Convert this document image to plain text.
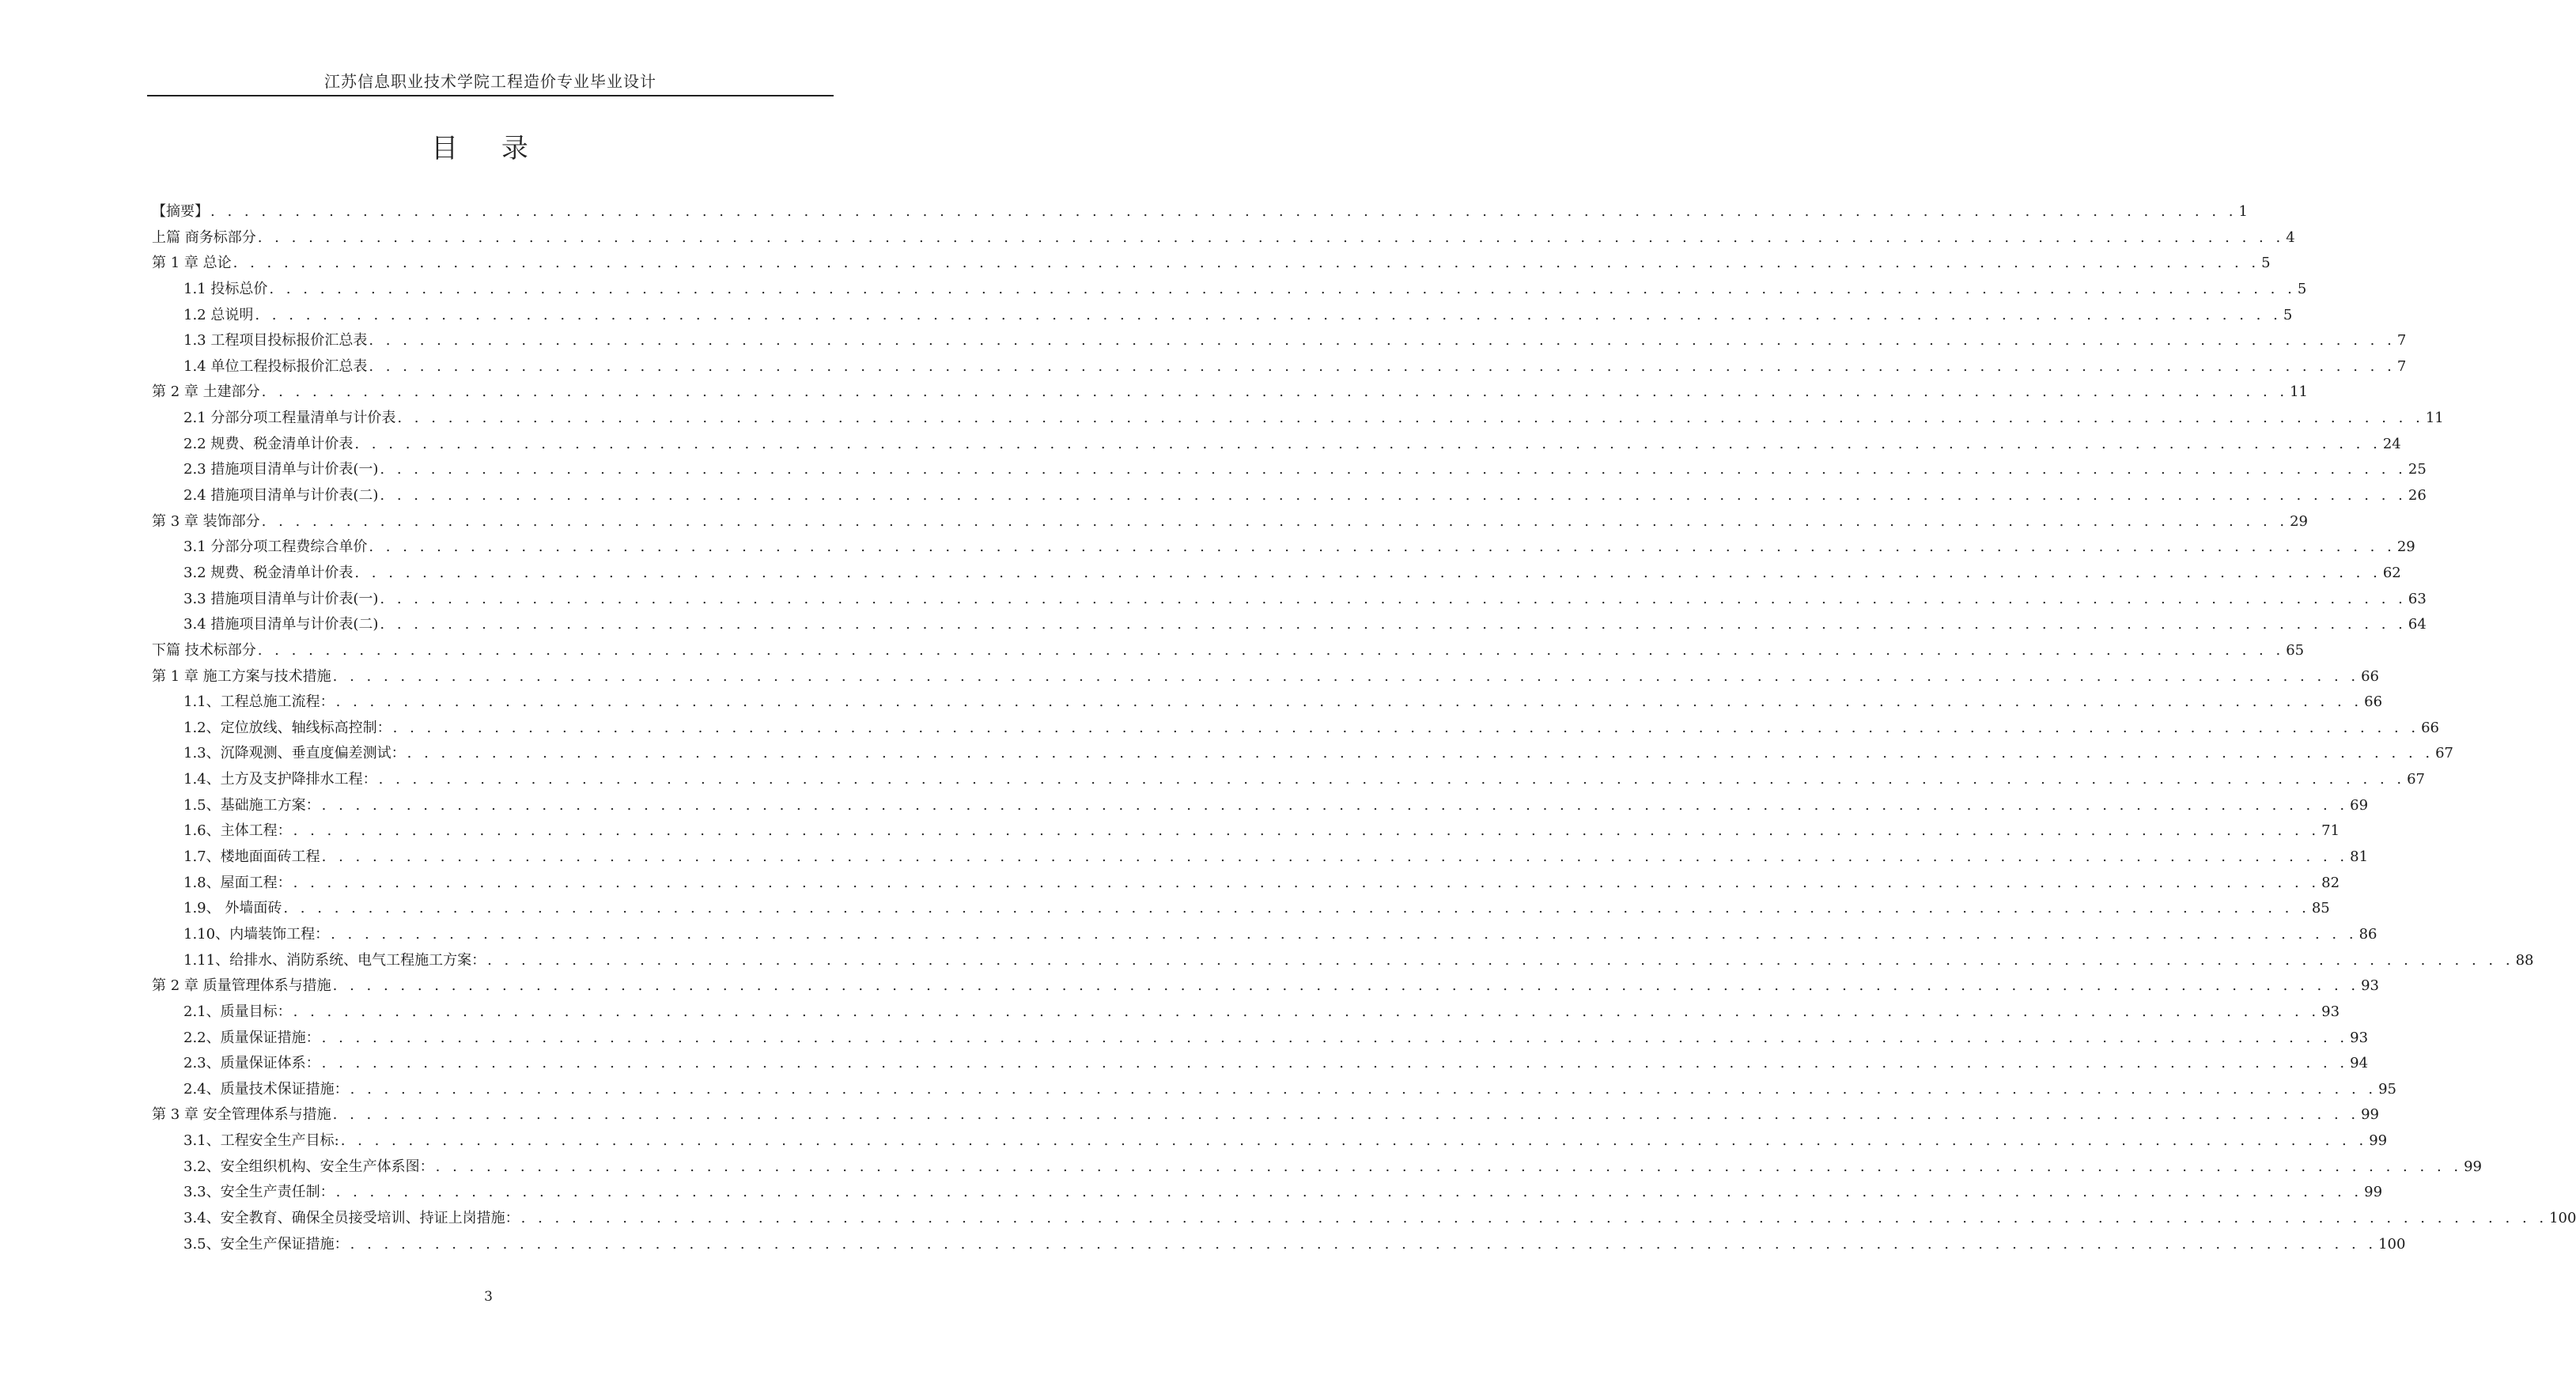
江苏信息职业技术学院工程造价专业毕业设计
目 录
【摘要】 . . . . . . . . . . . . . . . . . . . . . . . . . . . . . . . . . . . . . . . . . . . . . . . . . . . . . . . . . . . . . . . . . . . . . . . . . . . . . . . . . . . . . . . . . . . . . . . . . . . . . . . . . . . . . . . . . . . . . . . . 1
上篇 商务标部分 . . . . . . . . . . . . . . . . . . . . . . . . . . . . . . . . . . . . . . . . . . . . . . . . . . . . . . . . . . . . . . . . . . . . . . . . . . . . . . . . . . . . . . . . . . . . . . . . . . . . . . . . . . . . . . . . . . . . . . . . 4
第 1 章 总论 . . . . . . . . . . . . . . . . . . . . . . . . . . . . . . . . . . . . . . . . . . . . . . . . . . . . . . . . . . . . . . . . . . . . . . . . . . . . . . . . . . . . . . . . . . . . . . . . . . . . . . . . . . . . . . . . . . . . . . . . 5
1.1 投标总价 . . . . . . . . . . . . . . . . . . . . . . . . . . . . . . . . . . . . . . . . . . . . . . . . . . . . . . . . . . . . . . . . . . . . . . . . . . . . . . . . . . . . . . . . . . . . . . . . . . . . . . . . . . . . . . . . . . . . . . . . 5
1.2 总说明 . . . . . . . . . . . . . . . . . . . . . . . . . . . . . . . . . . . . . . . . . . . . . . . . . . . . . . . . . . . . . . . . . . . . . . . . . . . . . . . . . . . . . . . . . . . . . . . . . . . . . . . . . . . . . . . . . . . . . . . . 5
1.3 工程项目投标报价汇总表 . . . . . . . . . . . . . . . . . . . . . . . . . . . . . . . . . . . . . . . . . . . . . . . . . . . . . . . . . . . . . . . . . . . . . . . . . . . . . . . . . . . . . . . . . . . . . . . . . . . . . . . . . . . . . . . . . . . . . . . . 7
1.4 单位工程投标报价汇总表 . . . . . . . . . . . . . . . . . . . . . . . . . . . . . . . . . . . . . . . . . . . . . . . . . . . . . . . . . . . . . . . . . . . . . . . . . . . . . . . . . . . . . . . . . . . . . . . . . . . . . . . . . . . . . . . . . . . . . . . . 7
第 2 章 土建部分 . . . . . . . . . . . . . . . . . . . . . . . . . . . . . . . . . . . . . . . . . . . . . . . . . . . . . . . . . . . . . . . . . . . . . . . . . . . . . . . . . . . . . . . . . . . . . . . . . . . . . . . . . . . . . . . . . . . . . . . . 11
2.1 分部分项工程量清单与计价表 . . . . . . . . . . . . . . . . . . . . . . . . . . . . . . . . . . . . . . . . . . . . . . . . . . . . . . . . . . . . . . . . . . . . . . . . . . . . . . . . . . . . . . . . . . . . . . . . . . . . . . . . . . . . . . . . . . . . . . . . 11
2.2 规费、税金清单计价表 . . . . . . . . . . . . . . . . . . . . . . . . . . . . . . . . . . . . . . . . . . . . . . . . . . . . . . . . . . . . . . . . . . . . . . . . . . . . . . . . . . . . . . . . . . . . . . . . . . . . . . . . . . . . . . . . . . . . . . . . 24
2.3 措施项目清单与计价表(一) . . . . . . . . . . . . . . . . . . . . . . . . . . . . . . . . . . . . . . . . . . . . . . . . . . . . . . . . . . . . . . . . . . . . . . . . . . . . . . . . . . . . . . . . . . . . . . . . . . . . . . . . . . . . . . . . . . . . . . . . 25
2.4 措施项目清单与计价表(二) . . . . . . . . . . . . . . . . . . . . . . . . . . . . . . . . . . . . . . . . . . . . . . . . . . . . . . . . . . . . . . . . . . . . . . . . . . . . . . . . . . . . . . . . . . . . . . . . . . . . . . . . . . . . . . . . . . . . . . . . 26
第 3 章 装饰部分 . . . . . . . . . . . . . . . . . . . . . . . . . . . . . . . . . . . . . . . . . . . . . . . . . . . . . . . . . . . . . . . . . . . . . . . . . . . . . . . . . . . . . . . . . . . . . . . . . . . . . . . . . . . . . . . . . . . . . . . . 29
3.1 分部分项工程费综合单价 . . . . . . . . . . . . . . . . . . . . . . . . . . . . . . . . . . . . . . . . . . . . . . . . . . . . . . . . . . . . . . . . . . . . . . . . . . . . . . . . . . . . . . . . . . . . . . . . . . . . . . . . . . . . . . . . . . . . . . . . 29
3.2 规费、税金清单计价表 . . . . . . . . . . . . . . . . . . . . . . . . . . . . . . . . . . . . . . . . . . . . . . . . . . . . . . . . . . . . . . . . . . . . . . . . . . . . . . . . . . . . . . . . . . . . . . . . . . . . . . . . . . . . . . . . . . . . . . . . 62
3.3 措施项目清单与计价表(一) . . . . . . . . . . . . . . . . . . . . . . . . . . . . . . . . . . . . . . . . . . . . . . . . . . . . . . . . . . . . . . . . . . . . . . . . . . . . . . . . . . . . . . . . . . . . . . . . . . . . . . . . . . . . . . . . . . . . . . . . 63
3.4 措施项目清单与计价表(二) . . . . . . . . . . . . . . . . . . . . . . . . . . . . . . . . . . . . . . . . . . . . . . . . . . . . . . . . . . . . . . . . . . . . . . . . . . . . . . . . . . . . . . . . . . . . . . . . . . . . . . . . . . . . . . . . . . . . . . . . 64
下篇 技术标部分 . . . . . . . . . . . . . . . . . . . . . . . . . . . . . . . . . . . . . . . . . . . . . . . . . . . . . . . . . . . . . . . . . . . . . . . . . . . . . . . . . . . . . . . . . . . . . . . . . . . . . . . . . . . . . . . . . . . . . . . . 65
第 1 章 施工方案与技术措施 . . . . . . . . . . . . . . . . . . . . . . . . . . . . . . . . . . . . . . . . . . . . . . . . . . . . . . . . . . . . . . . . . . . . . . . . . . . . . . . . . . . . . . . . . . . . . . . . . . . . . . . . . . . . . . . . . . . . . . . . 66
1.1、工程总施工流程： . . . . . . . . . . . . . . . . . . . . . . . . . . . . . . . . . . . . . . . . . . . . . . . . . . . . . . . . . . . . . . . . . . . . . . . . . . . . . . . . . . . . . . . . . . . . . . . . . . . . . . . . . . . . . . . . . . . . . . . . 66
1.2、定位放线、轴线标高控制： . . . . . . . . . . . . . . . . . . . . . . . . . . . . . . . . . . . . . . . . . . . . . . . . . . . . . . . . . . . . . . . . . . . . . . . . . . . . . . . . . . . . . . . . . . . . . . . . . . . . . . . . . . . . . . . . . . . . . . . . 66
1.3、沉降观测、垂直度偏差测试： . . . . . . . . . . . . . . . . . . . . . . . . . . . . . . . . . . . . . . . . . . . . . . . . . . . . . . . . . . . . . . . . . . . . . . . . . . . . . . . . . . . . . . . . . . . . . . . . . . . . . . . . . . . . . . . . . . . . . . . . 67
1.4、土方及支护降排水工程： . . . . . . . . . . . . . . . . . . . . . . . . . . . . . . . . . . . . . . . . . . . . . . . . . . . . . . . . . . . . . . . . . . . . . . . . . . . . . . . . . . . . . . . . . . . . . . . . . . . . . . . . . . . . . . . . . . . . . . . . 67
1.5、基础施工方案： . . . . . . . . . . . . . . . . . . . . . . . . . . . . . . . . . . . . . . . . . . . . . . . . . . . . . . . . . . . . . . . . . . . . . . . . . . . . . . . . . . . . . . . . . . . . . . . . . . . . . . . . . . . . . . . . . . . . . . . . 69
1.6、主体工程： . . . . . . . . . . . . . . . . . . . . . . . . . . . . . . . . . . . . . . . . . . . . . . . . . . . . . . . . . . . . . . . . . . . . . . . . . . . . . . . . . . . . . . . . . . . . . . . . . . . . . . . . . . . . . . . . . . . . . . . . 71
1.7、楼地面面砖工程 . . . . . . . . . . . . . . . . . . . . . . . . . . . . . . . . . . . . . . . . . . . . . . . . . . . . . . . . . . . . . . . . . . . . . . . . . . . . . . . . . . . . . . . . . . . . . . . . . . . . . . . . . . . . . . . . . . . . . . . . 81
1.8、屋面工程： . . . . . . . . . . . . . . . . . . . . . . . . . . . . . . . . . . . . . . . . . . . . . . . . . . . . . . . . . . . . . . . . . . . . . . . . . . . . . . . . . . . . . . . . . . . . . . . . . . . . . . . . . . . . . . . . . . . . . . . . 82
1.9、 外墙面砖 . . . . . . . . . . . . . . . . . . . . . . . . . . . . . . . . . . . . . . . . . . . . . . . . . . . . . . . . . . . . . . . . . . . . . . . . . . . . . . . . . . . . . . . . . . . . . . . . . . . . . . . . . . . . . . . . . . . . . . . . 85
1.10、内墙装饰工程： . . . . . . . . . . . . . . . . . . . . . . . . . . . . . . . . . . . . . . . . . . . . . . . . . . . . . . . . . . . . . . . . . . . . . . . . . . . . . . . . . . . . . . . . . . . . . . . . . . . . . . . . . . . . . . . . . . . . . . . . 86
1.11、给排水、消防系统、电气工程施工方案： . . . . . . . . . . . . . . . . . . . . . . . . . . . . . . . . . . . . . . . . . . . . . . . . . . . . . . . . . . . . . . . . . . . . . . . . . . . . . . . . . . . . . . . . . . . . . . . . . . . . . . . . . . . . . . . . . . . . . . . . 88
第 2 章 质量管理体系与措施 . . . . . . . . . . . . . . . . . . . . . . . . . . . . . . . . . . . . . . . . . . . . . . . . . . . . . . . . . . . . . . . . . . . . . . . . . . . . . . . . . . . . . . . . . . . . . . . . . . . . . . . . . . . . . . . . . . . . . . . . 93
2.1、质量目标： . . . . . . . . . . . . . . . . . . . . . . . . . . . . . . . . . . . . . . . . . . . . . . . . . . . . . . . . . . . . . . . . . . . . . . . . . . . . . . . . . . . . . . . . . . . . . . . . . . . . . . . . . . . . . . . . . . . . . . . . 93
2.2、质量保证措施： . . . . . . . . . . . . . . . . . . . . . . . . . . . . . . . . . . . . . . . . . . . . . . . . . . . . . . . . . . . . . . . . . . . . . . . . . . . . . . . . . . . . . . . . . . . . . . . . . . . . . . . . . . . . . . . . . . . . . . . . 93
2.3、质量保证体系： . . . . . . . . . . . . . . . . . . . . . . . . . . . . . . . . . . . . . . . . . . . . . . . . . . . . . . . . . . . . . . . . . . . . . . . . . . . . . . . . . . . . . . . . . . . . . . . . . . . . . . . . . . . . . . . . . . . . . . . . 94
2.4、质量技术保证措施： . . . . . . . . . . . . . . . . . . . . . . . . . . . . . . . . . . . . . . . . . . . . . . . . . . . . . . . . . . . . . . . . . . . . . . . . . . . . . . . . . . . . . . . . . . . . . . . . . . . . . . . . . . . . . . . . . . . . . . . . 95
第 3 章 安全管理体系与措施 . . . . . . . . . . . . . . . . . . . . . . . . . . . . . . . . . . . . . . . . . . . . . . . . . . . . . . . . . . . . . . . . . . . . . . . . . . . . . . . . . . . . . . . . . . . . . . . . . . . . . . . . . . . . . . . . . . . . . . . . 99
3.1、工程安全生产目标: . . . . . . . . . . . . . . . . . . . . . . . . . . . . . . . . . . . . . . . . . . . . . . . . . . . . . . . . . . . . . . . . . . . . . . . . . . . . . . . . . . . . . . . . . . . . . . . . . . . . . . . . . . . . . . . . . . . . . . . . 99
3.2、安全组织机构、安全生产体系图： . . . . . . . . . . . . . . . . . . . . . . . . . . . . . . . . . . . . . . . . . . . . . . . . . . . . . . . . . . . . . . . . . . . . . . . . . . . . . . . . . . . . . . . . . . . . . . . . . . . . . . . . . . . . . . . . . . . . . . . . 99
3.3、安全生产责任制： . . . . . . . . . . . . . . . . . . . . . . . . . . . . . . . . . . . . . . . . . . . . . . . . . . . . . . . . . . . . . . . . . . . . . . . . . . . . . . . . . . . . . . . . . . . . . . . . . . . . . . . . . . . . . . . . . . . . . . . . 99
3.4、安全教育、确保全员接受培训、持证上岗措施： . . . . . . . . . . . . . . . . . . . . . . . . . . . . . . . . . . . . . . . . . . . . . . . . . . . . . . . . . . . . . . . . . . . . . . . . . . . . . . . . . . . . . . . . . . . . . . . . . . . . . . . . . . . . . . . . . . . . . . . . 100
3.5、安全生产保证措施： . . . . . . . . . . . . . . . . . . . . . . . . . . . . . . . . . . . . . . . . . . . . . . . . . . . . . . . . . . . . . . . . . . . . . . . . . . . . . . . . . . . . . . . . . . . . . . . . . . . . . . . . . . . . . . . . . . . . . . . . 100
3
